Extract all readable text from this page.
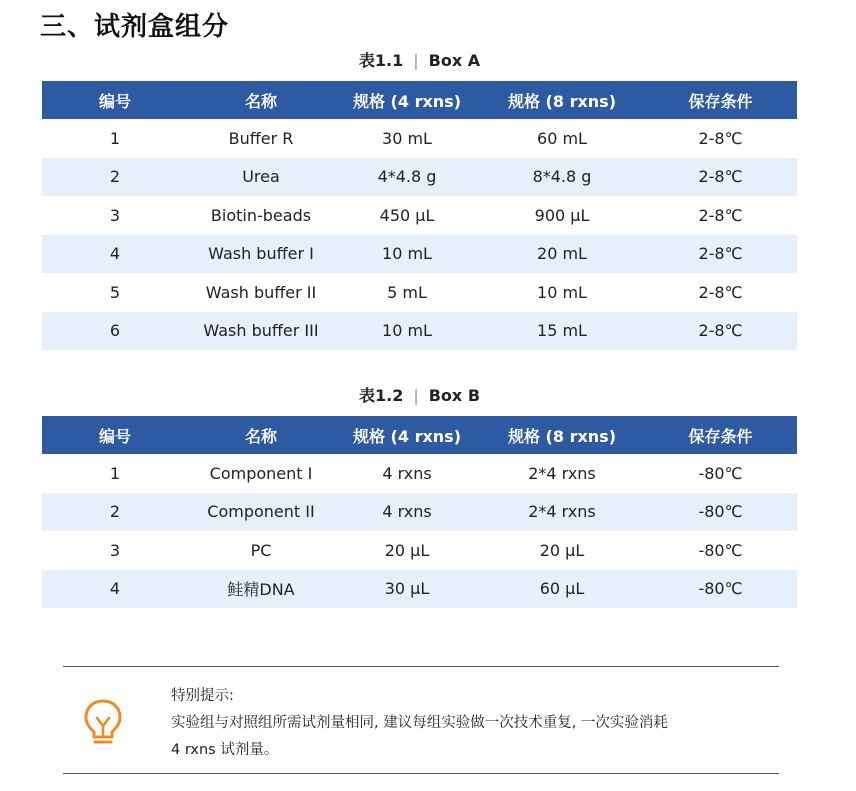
三、试剂盒组分
表1.1 | Box A
编号	名称	规格 (4 rxns)	规格 (8 rxns)	保存条件
1	Buffer R	30 mL	60 mL	2-8℃
2	Urea	4*4.8 g	8*4.8 g	2-8℃
3	Biotin-beads	450 μL	900 μL	2-8℃
4	Wash buffer Ⅰ	10 mL	20 mL	2-8℃
5	Wash buffer II	5 mL	10 mL	2-8℃
6	Wash buffer III	10 mL	15 mL	2-8℃
表1.2 | Box B
编号	名称	规格 (4 rxns)	规格 (8 rxns)	保存条件
1	Component Ⅰ	4 rxns	2*4 rxns	-80℃
2	Component II	4 rxns	2*4 rxns	-80℃
3	PC	20 μL	20 μL	-80℃
4	鲑精DNA	30 μL	60 μL	-80℃
特别提示:
实验组与对照组所需试剂量相同, 建议每组实验做一次技术重复, 一次实验消耗
4 rxns 试剂量。
